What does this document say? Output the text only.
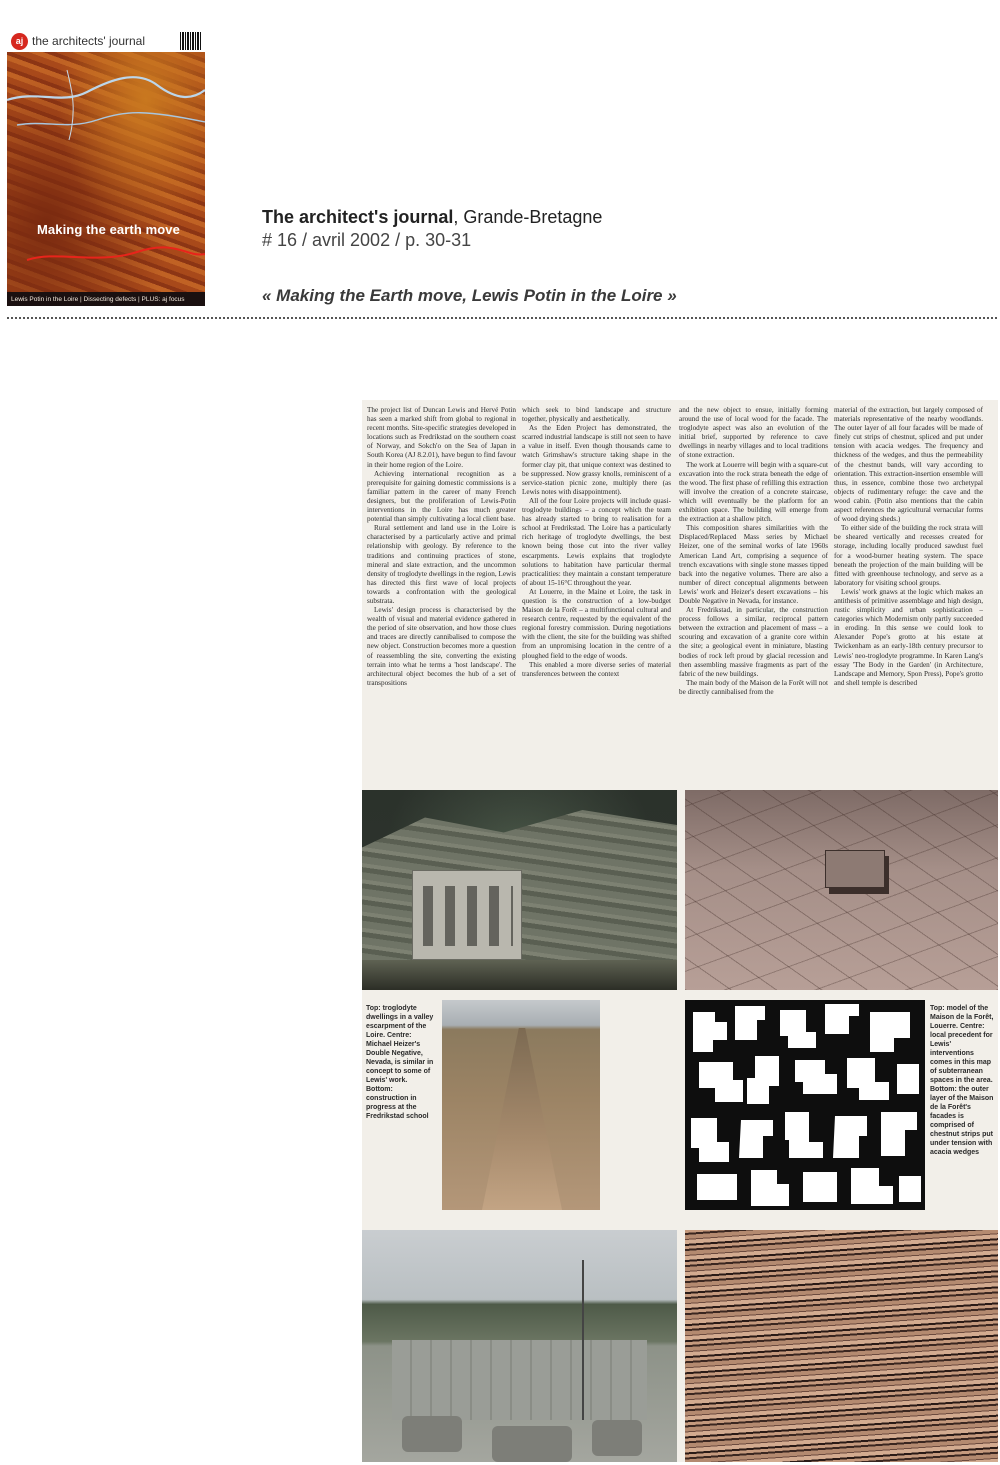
aj the architects' journal
Making the earth move
Lewis Potin in the Loire | Dissecting defects | PLUS: aj focus
The architect's journal, Grande-Bretagne
# 16 / avril 2002 / p. 30-31
« Making the Earth move, Lewis Potin in the Loire »

The project list of Duncan Lewis and Hervé Potin has seen a marked shift from global to regional in recent months. Site-specific strategies developed in locations such as Fredrikstad on the southern coast of Norway, and Sokch'o on the Sea of Japan in South Korea (AJ 8.2.01), have begun to find favour in their home region of the Loire.

Achieving international recognition as a prerequisite for gaining domestic commissions is a familiar pattern in the career of many French designers, but the proliferation of Lewis-Potin interventions in the Loire has much greater potential than simply cultivating a local client base.

Rural settlement and land use in the Loire is characterised by a particularly active and primal relationship with geology. By reference to the traditions and continuing practices of stone, mineral and slate extraction, and the uncommon density of troglodyte dwellings in the region, Lewis has directed this first wave of local projects towards a confrontation with the geological substrata.

Lewis' design process is characterised by the wealth of visual and material evidence gathered in the period of site observation, and how those clues and traces are directly cannibalised to compose the new object. Construction becomes more a question of reassembling the site, converting the existing terrain into what he terms a 'host landscape'. The architectural object becomes the hub of a set of transpositions

which seek to bind landscape and structure together, physically and aesthetically.

As the Eden Project has demonstrated, the scarred industrial landscape is still not seen to have a value in itself. Even though thousands came to watch Grimshaw's structure taking shape in the former clay pit, that unique context was destined to be suppressed. Now grassy knolls, reminiscent of a service-station picnic zone, multiply there (as Lewis notes with disappointment).

All of the four Loire projects will include quasi-troglodyte buildings – a concept which the team has already started to bring to realisation for a school at Fredrikstad. The Loire has a particularly rich heritage of troglodyte dwellings, the best known being those cut into the river valley escarpments. Lewis explains that troglodyte solutions to habitation have particular thermal practicalities: they maintain a constant temperature of about 15-16°C throughout the year.

At Louerre, in the Maine et Loire, the task in question is the construction of a low-budget Maison de la Forêt – a multifunctional cultural and research centre, requested by the equivalent of the regional forestry commission. During negotiations with the client, the site for the building was shifted from an unpromising location in the centre of a ploughed field to the edge of woods.

This enabled a more diverse series of material transferences between the context

and the new object to ensue, initially forming around the use of local wood for the facade. The troglodyte aspect was also an evolution of the initial brief, supported by reference to cave dwellings in nearby villages and to local traditions of stone extraction.

The work at Louerre will begin with a square-cut excavation into the rock strata beneath the edge of the wood. The first phase of refilling this extraction will involve the creation of a concrete staircase, which will eventually be the platform for an exhibition space. The building will emerge from the extraction at a shallow pitch.

This composition shares similarities with the Displaced/Replaced Mass series by Michael Heizer, one of the seminal works of late 1960s American Land Art, comprising a sequence of trench excavations with single stone masses tipped back into the negative volumes. There are also a number of direct conceptual alignments between Lewis' work and Heizer's desert excavations – his Double Negative in Nevada, for instance.

At Fredrikstad, in particular, the construction process follows a similar, reciprocal pattern between the extraction and placement of mass – a scouring and excavation of a granite core within the site; a geological event in miniature, blasting bodies of rock left proud by glacial recession and then assembling massive fragments as part of the fabric of the new buildings.

The main body of the Maison de la Forêt will not be directly cannibalised from the

material of the extraction, but largely composed of materials representative of the nearby woodlands. The outer layer of all four facades will be made of finely cut strips of chestnut, spliced and put under tension with acacia wedges. The frequency and thickness of the wedges, and thus the permeability of the chestnut bands, will vary according to orientation. This extraction-insertion ensemble will thus, in essence, combine those two archetypal objects of rudimentary refuge: the cave and the wood cabin. (Potin also mentions that the cabin aspect references the agricultural vernacular forms of wood drying sheds.)

To either side of the building the rock strata will be sheared vertically and recesses created for storage, including locally produced sawdust fuel for a wood-burner heating system. The space beneath the projection of the main building will be fitted with greenhouse technology, and serve as a laboratory for visiting school groups.

Lewis' work gnaws at the logic which makes an antithesis of primitive assemblage and high design, rustic simplicity and urban sophistication – categories which Modernism only partly succeeded in eroding. In this sense we could look to Alexander Pope's grotto at his estate at Twickenham as an early-18th century precursor to Lewis' neo-troglodyte programme. In Karen Lang's essay 'The Body in the Garden' (in Architecture, Landscape and Memory, Spon Press), Pope's grotto and shell temple is described

Top: troglodyte dwellings in a valley escarpment of the Loire. Centre: Michael Heizer's Double Negative, Nevada, is similar in concept to some of Lewis' work. Bottom: construction in progress at the Fredrikstad school
Top: model of the Maison de la Forêt, Louerre. Centre: local precedent for Lewis' interventions comes in this map of subterranean spaces in the area. Bottom: the outer layer of the Maison de la Forêt's facades is comprised of chestnut strips put under tension with acacia wedges
